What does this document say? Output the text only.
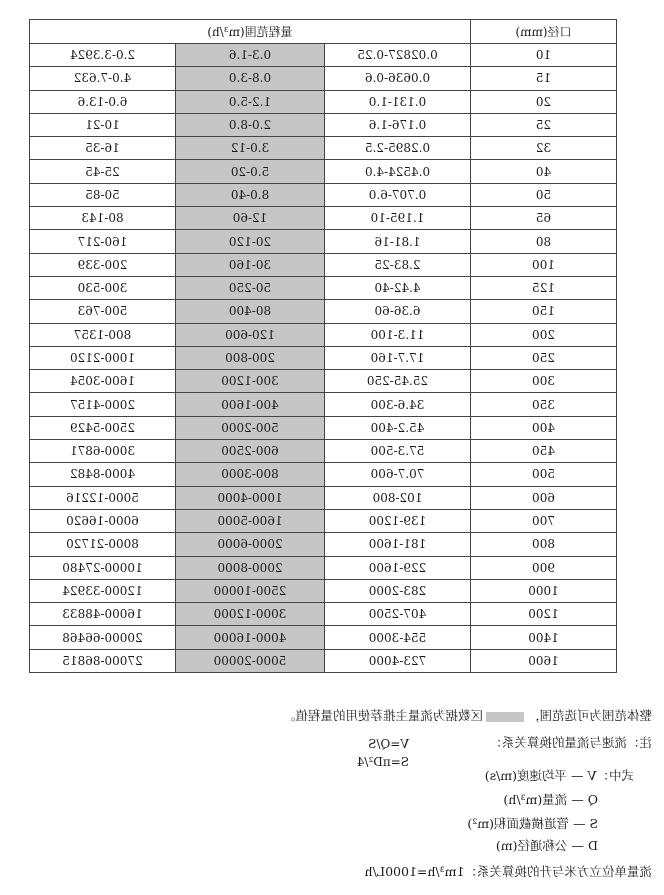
口径(mm)	量程范围(m³/h)		
10	0.02827-0.25	0.3-1.6	2.0-3.3924
15	0.0636-0.6	0.8-3.0	4.0-7.632
20	0.131-1.0	1.2-5.0	6.0-13.6
25	0.176-1.6	2.0-8.0	10-21
32	0.2895-2.5	3.0-12	16-35
40	0.4524-4.0	5.0-20	25-45
50	0.707-6.0	8.0-40	50-85
65	1.195-10	12-60	80-143
80	1.81-16	20-120	160-217
100	2.83-25	30-160	200-339
125	4.42-40	50-250	300-530
150	6.36-60	80-400	500-763
200	11.3-100	120-600	800-1357
250	17.7-160	200-800	1000-2120
300	25.45-250	300-1200	1600-3054
350	34.6-300	400-1600	2000-4157
400	45.2-400	500-2000	2500-5429
450	57.3-500	600-2500	3000-6871
500	70.7-600	800-3000	4000-8482
600	102-800	1000-4000	5000-12216
700	139-1200	1600-5000	6000-16620
800	181-1600	2000-6000	8000-21720
900	229-1600	2000-8000	10000-27480
1000	283-2000	2500-10000	12000-33924
1200	407-2500	3000-12000	16000-48833
1400	554-3000	4000-16000	20000-66468
1600	723-4000	5000-20000	27000-86815
整体范围为可选范围，区数据为流量主推荐使用的量程值。
注：流速与流量的换算关系：
V=Q/S
S=πD²/4
式中：V — 平均速度(m/s)
Q — 流量(m³/h)
S — 管道横截面积(m²)
D — 公称通径(m)
流量单位立方米与升的换算关系：1m³/h=1000L/h
